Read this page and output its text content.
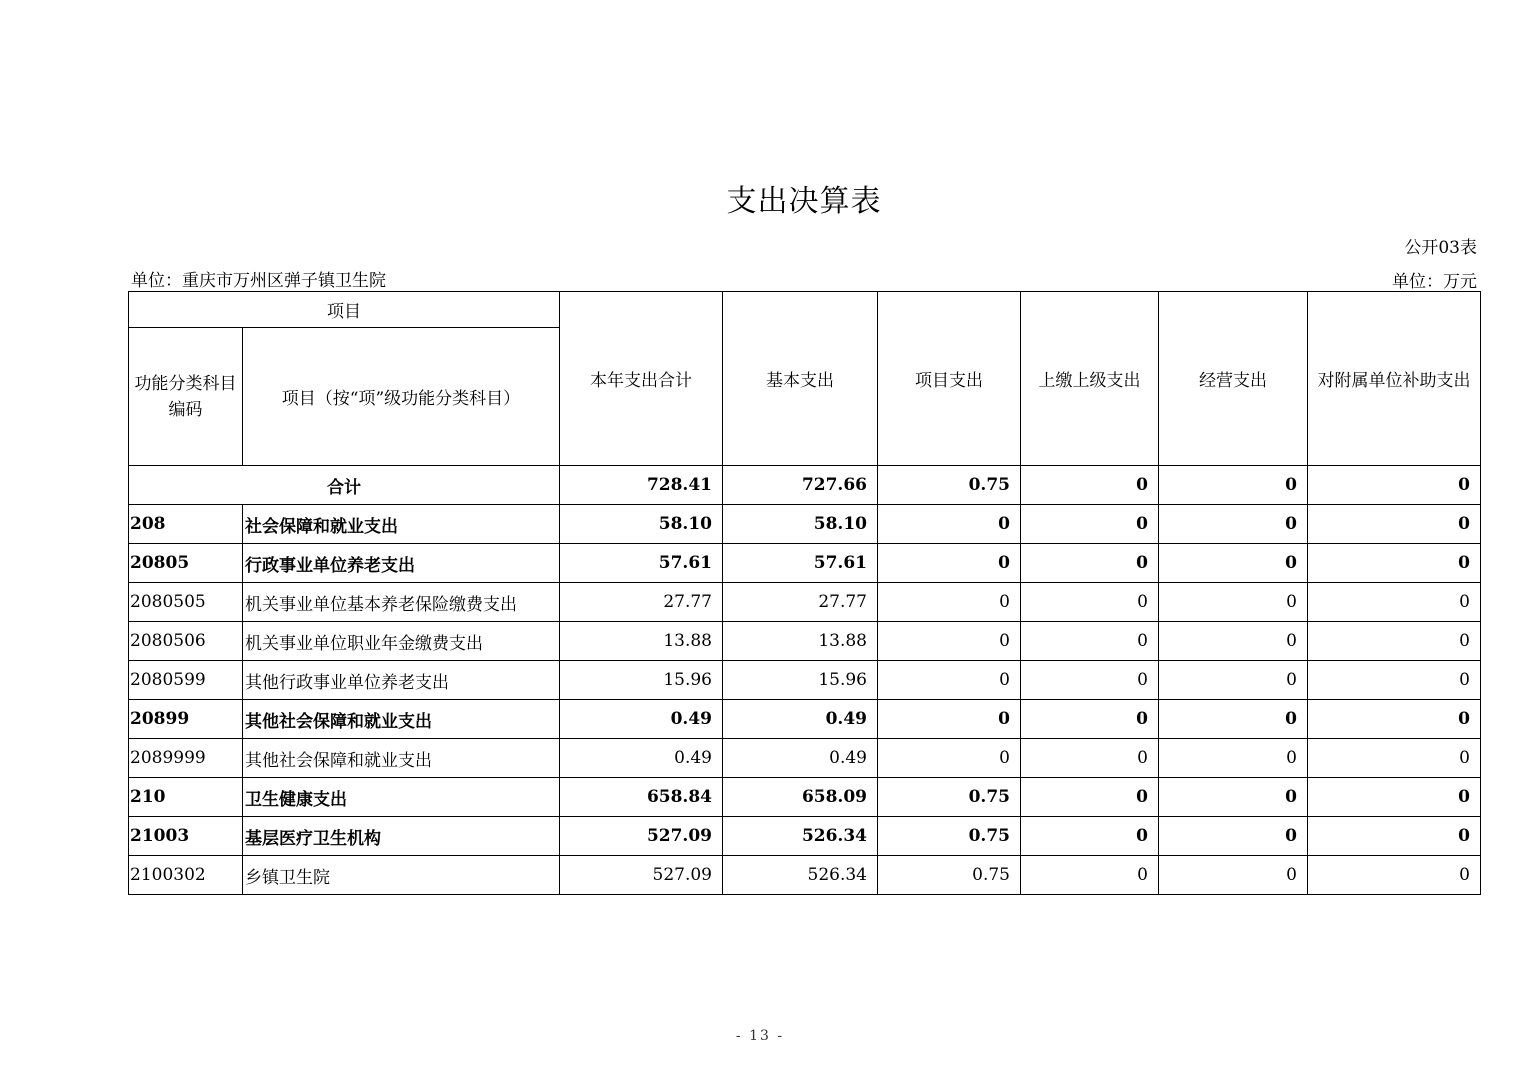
支出决算表
公开03表
单位：重庆市万州区弹子镇卫生院	单位：万元
项目		本年支出合计	基本支出	项目支出	上缴上级支出	经营支出	对附属单位补助支出
功能分类科目编码	项目（按“项”级功能分类科目）						
合计		728.41	727.66	0.75	0	0	0
208	社会保障和就业支出	58.10	58.10	0	0	0	0
20805	行政事业单位养老支出	57.61	57.61	0	0	0	0
2080505	机关事业单位基本养老保险缴费支出	27.77	27.77	0	0	0	0
2080506	机关事业单位职业年金缴费支出	13.88	13.88	0	0	0	0
2080599	其他行政事业单位养老支出	15.96	15.96	0	0	0	0
20899	其他社会保障和就业支出	0.49	0.49	0	0	0	0
2089999	其他社会保障和就业支出	0.49	0.49	0	0	0	0
210	卫生健康支出	658.84	658.09	0.75	0	0	0
21003	基层医疗卫生机构	527.09	526.34	0.75	0	0	0
2100302	乡镇卫生院	527.09	526.34	0.75	0	0	0
- 13 -
